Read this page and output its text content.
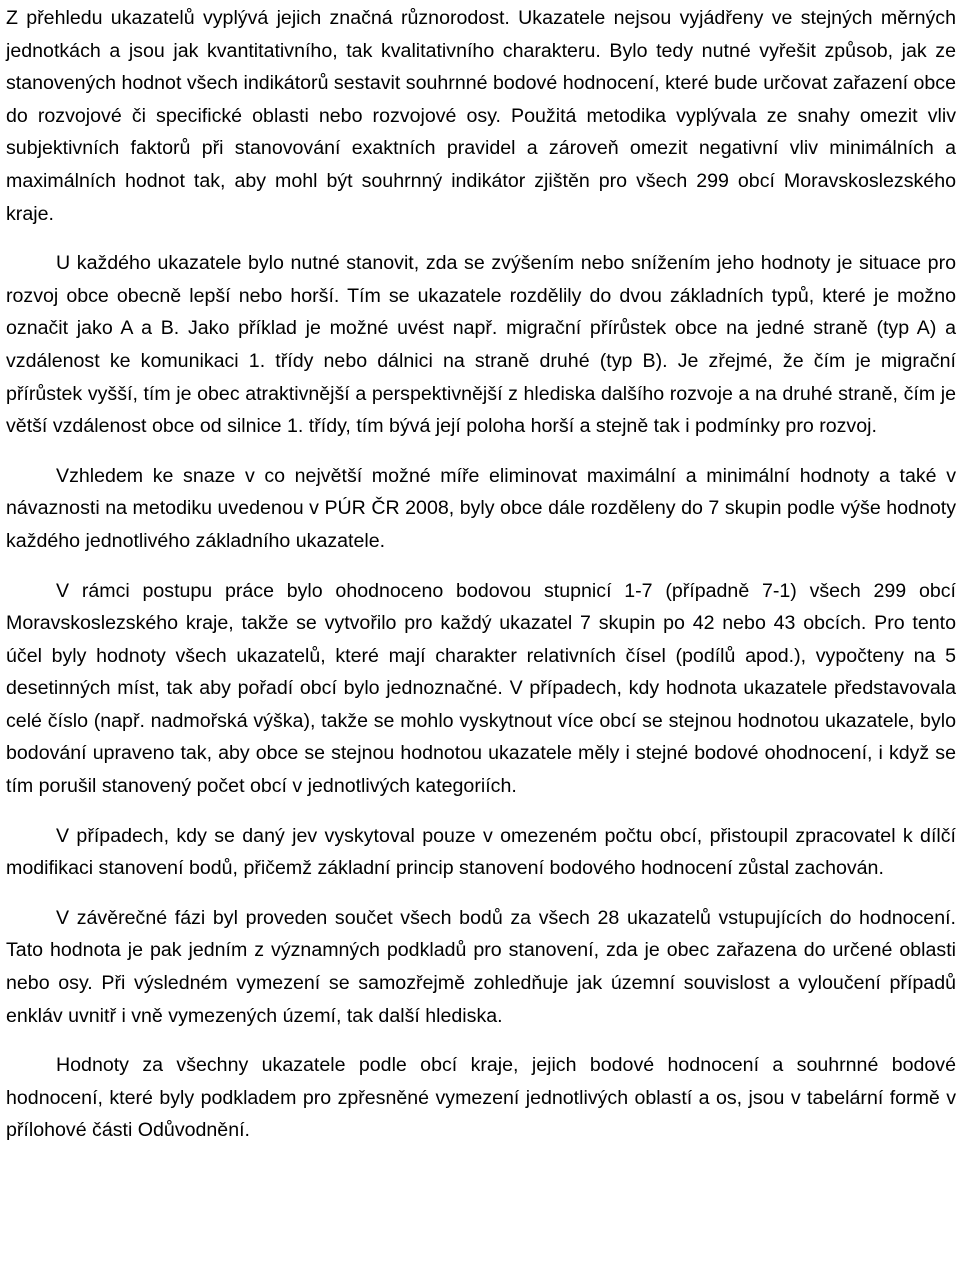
Z přehledu ukazatelů vyplývá jejich značná různorodost. Ukazatele nejsou vyjádřeny ve stejných měrných jednotkách a jsou jak kvantitativního, tak kvalitativního charakteru. Bylo tedy nutné vyřešit způsob, jak ze stanovených hodnot všech indikátorů sestavit souhrnné bodové hodnocení, které bude určovat zařazení obce do rozvojové či specifické oblasti nebo rozvojové osy. Použitá metodika vyplývala ze snahy omezit vliv subjektivních faktorů při stanovování exaktních pravidel a zároveň omezit negativní vliv minimálních a maximálních hodnot tak, aby mohl být souhrnný indikátor zjištěn pro všech 299 obcí Moravskoslezského kraje.

U každého ukazatele bylo nutné stanovit, zda se zvýšením nebo snížením jeho hodnoty je situace pro rozvoj obce obecně lepší nebo horší. Tím se ukazatele rozdělily do dvou základních typů, které je možno označit jako A a B. Jako příklad je možné uvést např. migrační přírůstek obce na jedné straně (typ A) a vzdálenost ke komunikaci 1. třídy nebo dálnici na straně druhé (typ B). Je zřejmé, že čím je migrační přírůstek vyšší, tím je obec atraktivnější a perspektivnější z hlediska dalšího rozvoje a na druhé straně, čím je větší vzdálenost obce od silnice 1. třídy, tím bývá její poloha horší a stejně tak i podmínky pro rozvoj.

Vzhledem ke snaze v co největší možné míře eliminovat maximální a minimální hodnoty a také v návaznosti na metodiku uvedenou v PÚR ČR 2008, byly obce dále rozděleny do 7 skupin podle výše hodnoty každého jednotlivého základního ukazatele.

V rámci postupu práce bylo ohodnoceno bodovou stupnicí 1-7 (případně 7-1) všech 299 obcí Moravskoslezského kraje, takže se vytvořilo pro každý ukazatel 7 skupin po 42 nebo 43 obcích. Pro tento účel byly hodnoty všech ukazatelů, které mají charakter relativních čísel (podílů apod.), vypočteny na 5 desetinných míst, tak aby pořadí obcí bylo jednoznačné. V případech, kdy hodnota ukazatele představovala celé číslo (např. nadmořská výška), takže se mohlo vyskytnout více obcí se stejnou hodnotou ukazatele, bylo bodování upraveno tak, aby obce se stejnou hodnotou ukazatele měly i stejné bodové ohodnocení, i když se tím porušil stanovený počet obcí v jednotlivých kategoriích.

V případech, kdy se daný jev vyskytoval pouze v omezeném počtu obcí, přistoupil zpracovatel k dílčí modifikaci stanovení bodů, přičemž základní princip stanovení bodového hodnocení zůstal zachován.

V závěrečné fázi byl proveden součet všech bodů za všech 28 ukazatelů vstupujících do hodnocení. Tato hodnota je pak jedním z významných podkladů pro stanovení, zda je obec zařazena do určené oblasti nebo osy. Při výsledném vymezení se samozřejmě zohledňuje jak územní souvislost a vyloučení případů enkláv uvnitř i vně vymezených území, tak další hlediska.

Hodnoty za všechny ukazatele podle obcí kraje, jejich bodové hodnocení a souhrnné bodové hodnocení, které byly podkladem pro zpřesněné vymezení jednotlivých oblastí a os, jsou v tabelární formě v přílohové části Odůvodnění.
